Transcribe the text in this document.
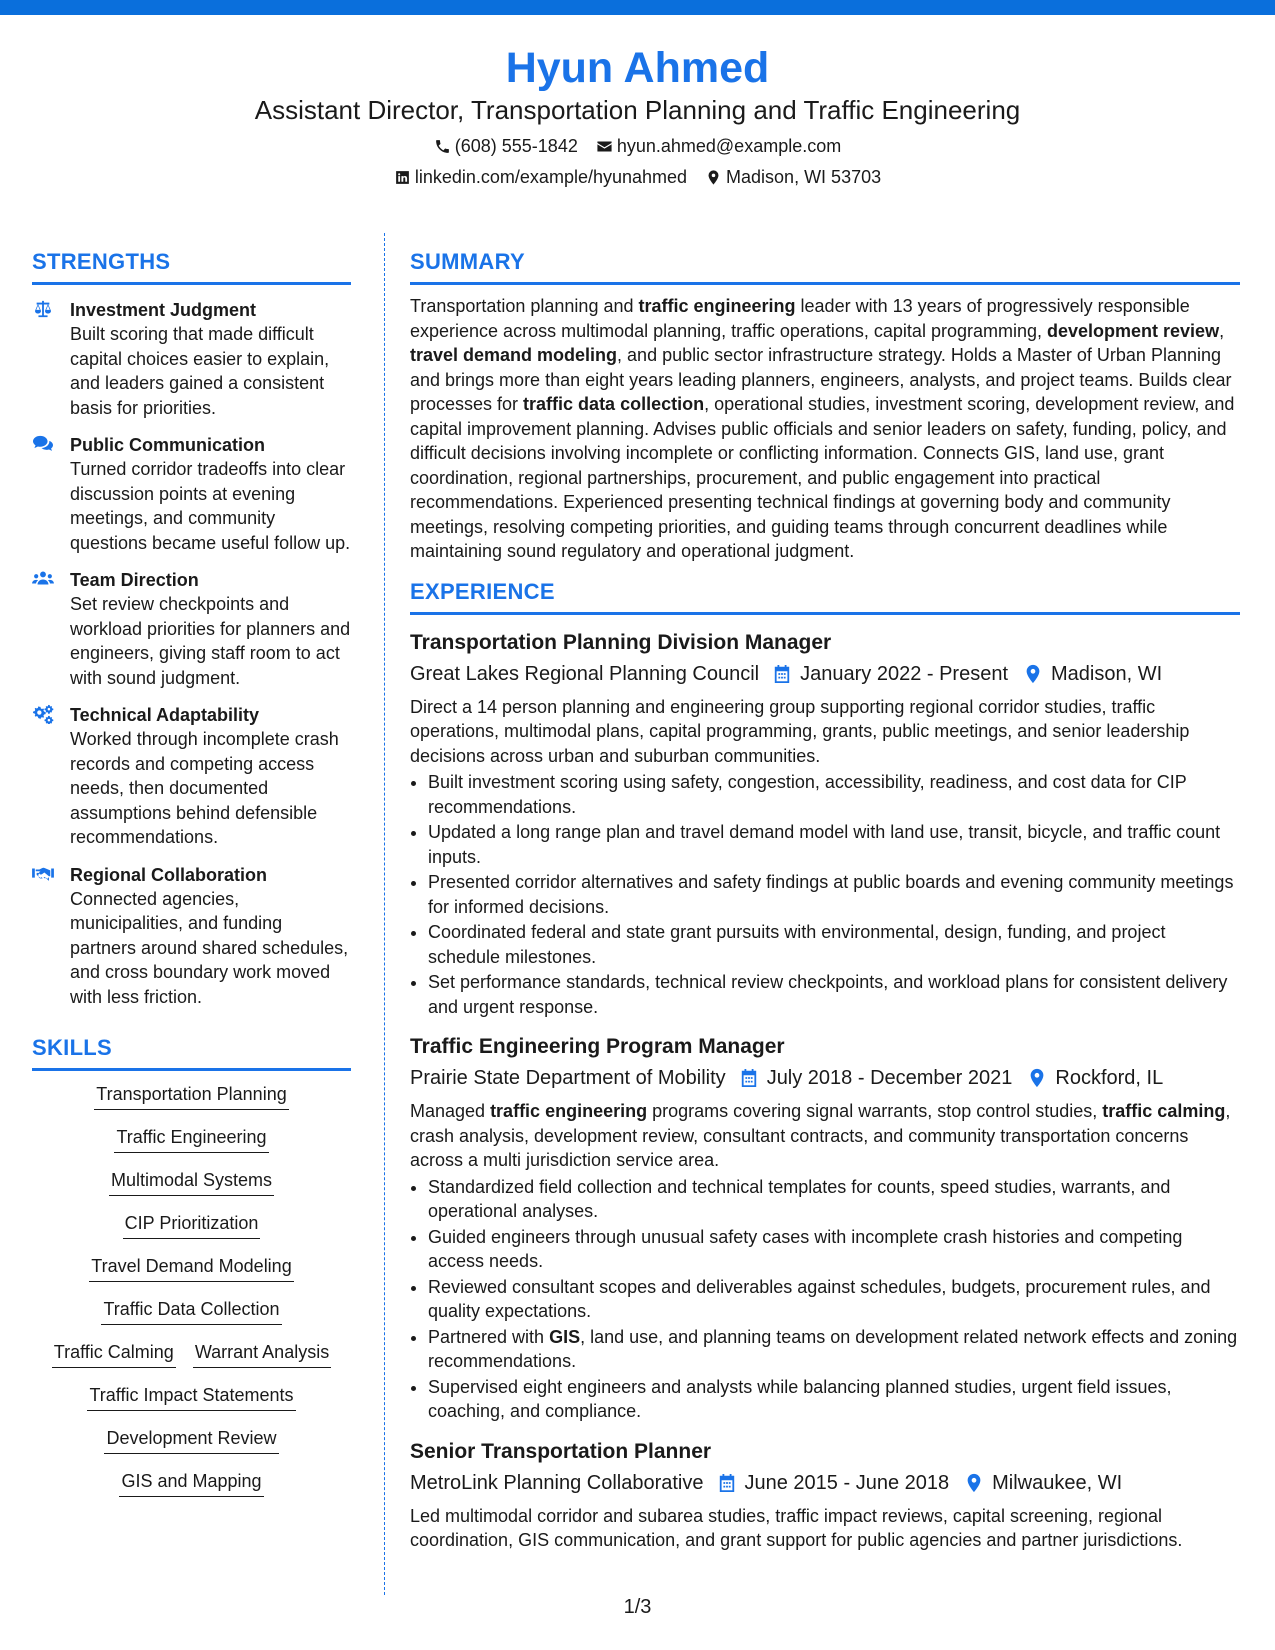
Hyun Ahmed
Assistant Director, Transportation Planning and Traffic Engineering
(608) 555-1842 hyun.ahmed@example.com
linkedin.com/example/hyunahmed Madison, WI 53703
STRENGTHS
Investment Judgment
Built scoring that made difficult capital choices easier to explain, and leaders gained a consistent basis for priorities.
Public Communication
Turned corridor tradeoffs into clear discussion points at evening meetings, and community questions became useful follow up.
Team Direction
Set review checkpoints and workload priorities for planners and engineers, giving staff room to act with sound judgment.
Technical Adaptability
Worked through incomplete crash records and competing access needs, then documented assumptions behind defensible recommendations.
Regional Collaboration
Connected agencies, municipalities, and funding partners around shared schedules, and cross boundary work moved with less friction.
SKILLS
Transportation Planning
Traffic Engineering
Multimodal Systems
CIP Prioritization
Travel Demand Modeling
Traffic Data Collection
Traffic Calming Warrant Analysis
Traffic Impact Statements
Development Review
GIS and Mapping
SUMMARY
Transportation planning and traffic engineering leader with 13 years of progressively responsible experience across multimodal planning, traffic operations, capital programming, development review, travel demand modeling, and public sector infrastructure strategy. Holds a Master of Urban Planning and brings more than eight years leading planners, engineers, analysts, and project teams. Builds clear processes for traffic data collection, operational studies, investment scoring, development review, and capital improvement planning. Advises public officials and senior leaders on safety, funding, policy, and difficult decisions involving incomplete or conflicting information. Connects GIS, land use, grant coordination, regional partnerships, procurement, and public engagement into practical recommendations. Experienced presenting technical findings at governing body and community meetings, resolving competing priorities, and guiding teams through concurrent deadlines while maintaining sound regulatory and operational judgment.
EXPERIENCE
Transportation Planning Division Manager
Great Lakes Regional Planning Council January 2022 - Present Madison, WI
Direct a 14 person planning and engineering group supporting regional corridor studies, traffic operations, multimodal plans, capital programming, grants, public meetings, and senior leadership decisions across urban and suburban communities.
• Built investment scoring using safety, congestion, accessibility, readiness, and cost data for CIP recommendations.
• Updated a long range plan and travel demand model with land use, transit, bicycle, and traffic count inputs.
• Presented corridor alternatives and safety findings at public boards and evening community meetings for informed decisions.
• Coordinated federal and state grant pursuits with environmental, design, funding, and project schedule milestones.
• Set performance standards, technical review checkpoints, and workload plans for consistent delivery and urgent response.
Traffic Engineering Program Manager
Prairie State Department of Mobility July 2018 - December 2021 Rockford, IL
Managed traffic engineering programs covering signal warrants, stop control studies, traffic calming, crash analysis, development review, consultant contracts, and community transportation concerns across a multi jurisdiction service area.
• Standardized field collection and technical templates for counts, speed studies, warrants, and operational analyses.
• Guided engineers through unusual safety cases with incomplete crash histories and competing access needs.
• Reviewed consultant scopes and deliverables against schedules, budgets, procurement rules, and quality expectations.
• Partnered with GIS, land use, and planning teams on development related network effects and zoning recommendations.
• Supervised eight engineers and analysts while balancing planned studies, urgent field issues, coaching, and compliance.
Senior Transportation Planner
MetroLink Planning Collaborative June 2015 - June 2018 Milwaukee, WI
Led multimodal corridor and subarea studies, traffic impact reviews, capital screening, regional coordination, GIS communication, and grant support for public agencies and partner jurisdictions.
1/3
